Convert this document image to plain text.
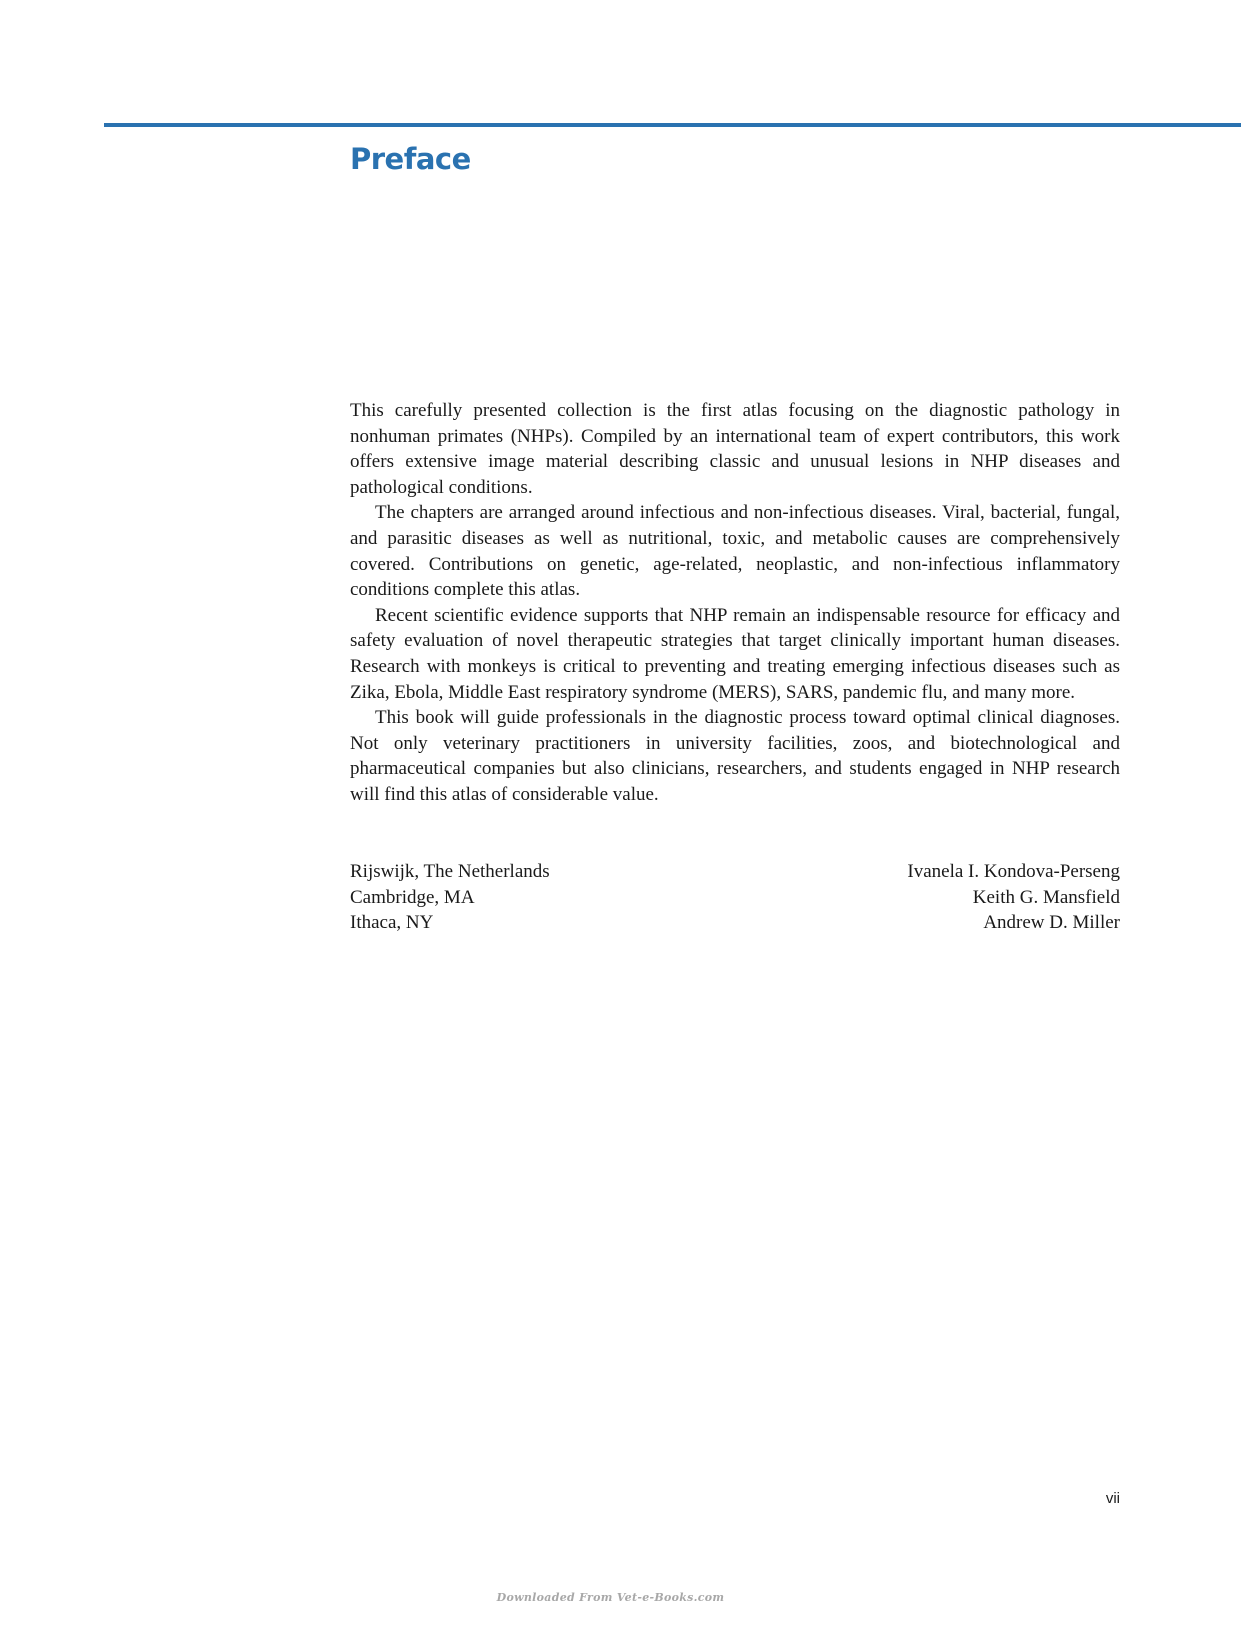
Preface

This carefully presented collection is the first atlas focusing on the diagnostic pathology in nonhuman primates (NHPs). Compiled by an international team of expert contributors, this work offers extensive image material describing classic and unusual lesions in NHP diseases and pathological conditions.

The chapters are arranged around infectious and non-infectious diseases. Viral, bacterial, fungal, and parasitic diseases as well as nutritional, toxic, and metabolic causes are comprehensively covered. Contributions on genetic, age-related, neoplastic, and non-infectious inflammatory conditions complete this atlas.

Recent scientific evidence supports that NHP remain an indispensable resource for efficacy and safety evaluation of novel therapeutic strategies that target clinically important human diseases. Research with monkeys is critical to preventing and treating emerging infectious diseases such as Zika, Ebola, Middle East respiratory syndrome (MERS), SARS, pandemic flu, and many more.

This book will guide professionals in the diagnostic process toward optimal clinical diagnoses. Not only veterinary practitioners in university facilities, zoos, and biotechnological and pharmaceutical companies but also clinicians, researchers, and students engaged in NHP research will find this atlas of considerable value.

Rijswijk, The Netherlands	Ivanela I. Kondova-Perseng
Cambridge, MA	Keith G. Mansfield
Ithaca, NY	Andrew D. Miller
vii
Downloaded From Vet-e-Books.com
